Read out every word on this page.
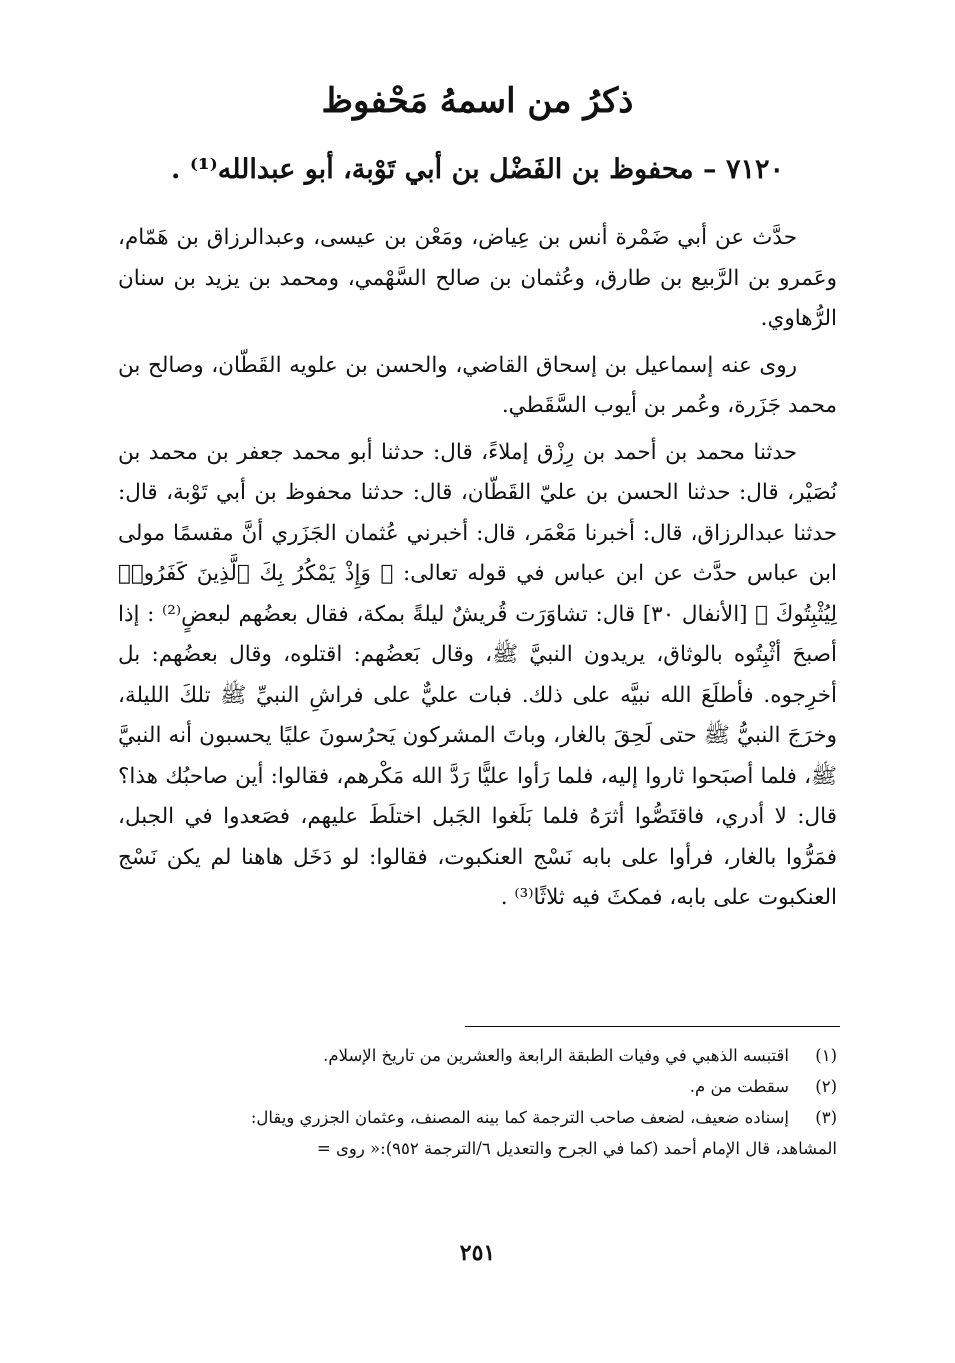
ذكرُ من اسمهُ مَحْفوظ
٧١٢٠ – محفوظ بن الفَضْل بن أبي تَوْبة، أبو عبدالله⁽¹⁾ .

حدَّث عن أبي ضَمْرة أنس بن عِياض، ومَعْن بن عيسى، وعبدالرزاق بن هَمّام، وعَمرو بن الرَّبيع بن طارق، وعُثمان بن صالح السَّهْمي، ومحمد بن يزيد بن سنان الرُّهاوي.

روى عنه إسماعيل بن إسحاق القاضي، والحسن بن علويه القَطّان، وصالح بن محمد جَزَرة، وعُمر بن أيوب السَّقَطي.

حدثنا محمد بن أحمد بن رِزْق إملاءً، قال: حدثنا أبو محمد جعفر بن محمد بن نُصَيْر، قال: حدثنا الحسن بن عليّ القَطّان، قال: حدثنا محفوظ بن أبي تَوْبة، قال: حدثنا عبدالرزاق، قال: أخبرنا مَعْمَر، قال: أخبرني عُثمان الجَزَري أنَّ مقسمًا مولى ابن عباس حدَّث عن ابن عباس في قوله تعالى: ﴿ وَإِذْ يَمْكُرُ بِكَ ٱلَّذِينَ كَفَرُوا۟ لِيُثْبِتُوكَ ﴾ [الأنفال ٣٠] قال: تشاوَرَت قُريشٌ ليلةً بمكة، فقال بعضُهم لبعضٍ⁽²⁾ : إذا أصبحَ أثْبِتُوه بالوثاق، يريدون النبيَّ ﷺ، وقال بَعضُهم: اقتلوه، وقال بعضُهم: بل أخرِجوه. فأطلَعَ الله نبيَّه على ذلك. فبات عليٌّ على فراشِ النبيِّ ﷺ تلكَ الليلة، وخرَجَ النبيُّ ﷺ حتى لَحِقَ بالغار، وباتَ المشركون يَحرُسونَ عليًا يحسبون أنه النبيَّ ﷺ، فلما أصبَحوا ثاروا إليه، فلما رَأوا عليًّا رَدَّ الله مَكْرهم، فقالوا: أين صاحبُك هذا؟ قال: لا أدري، فاقتَصُّوا أثرَهُ فلما بَلَغوا الجَبل اختلَطَ عليهم، فصَعدوا في الجبل، فمَرُّوا بالغار، فرأوا على بابه نَسْج العنكبوت، فقالوا: لو دَخَل هاهنا لم يكن نَسْج العنكبوت على بابه، فمكثَ فيه ثلاثًا⁽³⁾ .

(١)
اقتبسه الذهبي في وفيات الطبقة الرابعة والعشرين من تاريخ الإسلام.
(٢)
سقطت من م.
(٣)
إسناده ضعيف، لضعف صاحب الترجمة كما بينه المصنف، وعثمان الجزري ويقال:

المشاهد، قال الإمام أحمد (كما في الجرح والتعديل ٦/الترجمة ٩٥٢):« روى =

٢٥١
